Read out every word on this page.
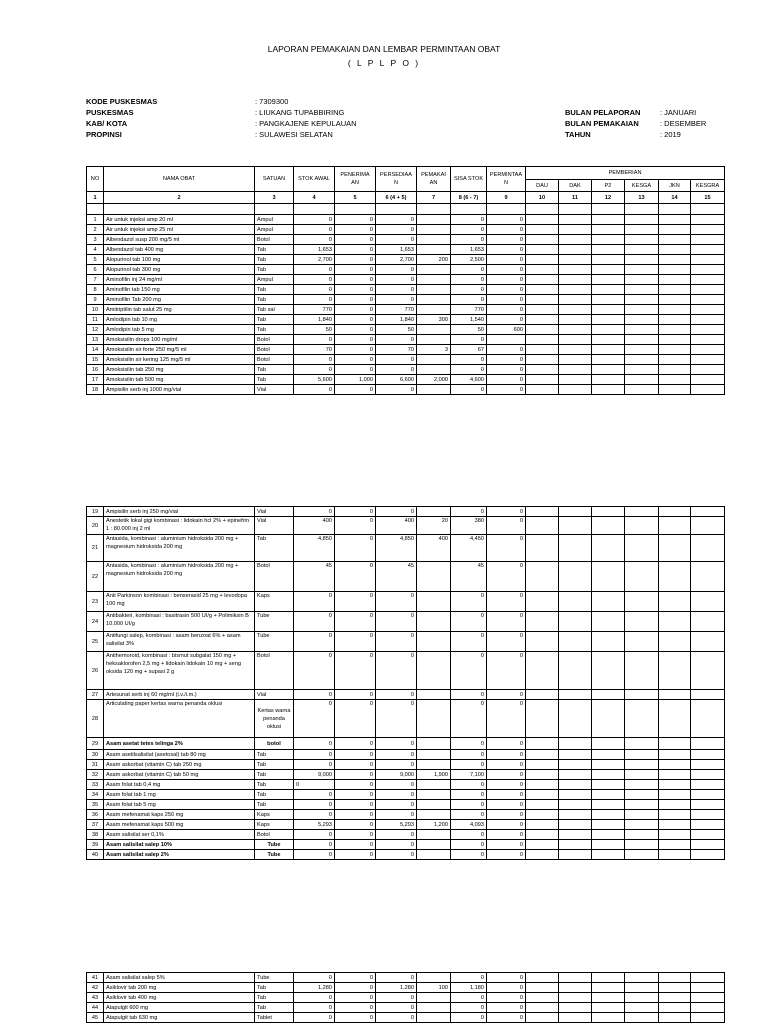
LAPORAN PEMAKAIAN DAN LEMBAR PERMINTAAN OBAT
( L P L P O )
KODE PUSKESMAS
PUSKESMAS
KAB/ KOTA
PROPINSI
: 7309300
: LIUKANG TUPABBIRING
: PANGKAJENE KEPULAUAN
: SULAWESI SELATAN
BULAN PELAPORAN
BULAN PEMAKAIAN
TAHUN
: JANUARI
: DESEMBER
: 2019
NO	NAMA OBAT	SATUAN	STOK AWAL	PENERIMA AN	PERSEDIAA N	PEMAKAI AN	SISA STOK	PERMINTAA N	PEMBERIAN					
									DAU	DAK	P2	KESGA	JKN	KESGRA
1	2	3	4	5	6 (4 + 5)	7	8 (6 - 7)	9	10	11	12	13	14	15

1	Air untuk injeksi amp 20 ml	Ampul	0	0	0		0	0						
2	Air untuk injeksi amp 25 ml	Ampul	0	0	0		0	0						
3	Albendazol susp 200 mg/5 ml	Botol	0	0	0		0	0						
4	Albendazol tab 400 mg	Tab	1,653	0	1,653		1,653	0						
5	Alopurinol tab 100 mg	Tab	2,700	0	2,700	200	2,500	0						
6	Alopurinol tab 300 mg	Tab	0	0	0		0	0						
7	Aminofilin inj 24 mg/ml	Ampul	0	0	0		0	0						
8	Aminofilin tab 150 mg	Tab	0	0	0		0	0						
9	Aminofilin Tab 200 mg	Tab	0	0	0		0	0						
10	Amitriptilin tab salut 25 mg	Tab sal	770	0	770		770	0						
11	Amlodipin tab 10 mg	Tab	1,840	0	1,840	300	1,540	0						
12	Amlodipin tab 5 mg	Tab	50	0	50		50	600						
13	Amoksisilin drops 100 mg/ml	Botol	0	0	0		0							
14	Amoksisilin sir forte 250 mg/5 ml	Botol	70	0	70	3	67	0						
15	Amoksisilin sir kering 125 mg/5 ml	Botol	0	0	0		0	0						
16	Amoksisilin tab 250 mg	Tab	0	0	0		0	0						
17	Amoksisilin tab 500 mg	Tab	5,600	1,000	6,600	2,000	4,600	0						
18	Ampisilin serb inj 1000 mg/vial	Vial	0	0	0		0	0						
19	Ampisilin serb inj 250 mg/vial	Vial	0	0	0		0	0						
20	Anestetik lokal gigi kombinasi : lidokain hcl 2% + epinefrin 1 : 80.000 inj 2 ml	Vial	400	0	400	20	380	0						
21	Antasida, kombinasi : aluminium hidroksida 200 mg + magnesium hidroksida 200 mg	Tab	4,850	0	4,850	400	4,450	0						
22	Antasida, kombinasi : aluminium hidroksida 200 mg + magnesium hidroksida 200 mg	Botol	45	0	45		45	0						
23	Anti Parkinson kombinasi : benserasid 25 mg + levodopa 100 mg	Kaps	0	0	0		0	0						
24	Antibakteri, kombinasi : basitrasin 500 UI/g + Polimiksin B 10.000 UI/g	Tube	0	0	0		0	0						
25	Antifungi salep, kombinasi : asam benzoat 6% + asam salisilat 3%	Tube	0	0	0		0	0						
26	Antihemoroid, kombinasi : bismut subgalat 150 mg + heksaklorofen 2,5 mg + lidokain lidokain 10 mg + seng oksida 120 mg + supasi 2 g	Botol	0	0	0		0	0						
27	Artesunat serb inj 60 mg/ml (i.v./i.m.)	Vial	0	0	0		0	0						
28	Articulating paper kertas warna penanda oklusi	Kertas warna penanda oklusi	0	0	0		0	0						
29	Asam asetat tetes telinga 2%	botol	0	0	0		0	0						
30	Asam asetilsalisilat (asetosal) tab 80 mg	Tab	0	0	0		0	0						
31	Asam askorbat (vitamin C) tab 250 mg	Tab	0	0	0		0	0						
32	Asam askorbat (vitamin C) tab 50 mg	Tab	9,000	0	9,000	1,900	7,100	0						
33	Asam folat tab 0,4 mg	Tab	0	0	0		0	0						
34	Asam folat tab 1 mg	Tab	0	0	0		0	0						
35	Asam folat tab 5 mg	Tab	0	0	0		0	0						
36	Asam mefenamat kaps 250 mg	Kaps	0	0	0		0	0						
37	Asam mefenamat kaps 500 mg	Kaps	5,293	0	5,293	1,200	4,093	0						
38	Asam salisilat ser 0,1%	Botol	0	0	0		0	0						
39	Asam salisilat salep 10%	Tube	0	0	0		0	0						
40	Asam salisilat salep 2%	Tube	0	0	0		0	0						
41	Asam salisilat salep 5%	Tube	0	0	0		0	0						
42	Asiklovir tab 200 mg	Tab	1,280	0	1,280	100	1,180	0						
43	Asiklovir tab 400 mg	Tab	0	0	0		0	0						
44	Atapulgit 600 mg	Tab	0	0	0		0	0						
45	Atapulgit tab 630 mg	Tablet	0	0	0		0	0						
